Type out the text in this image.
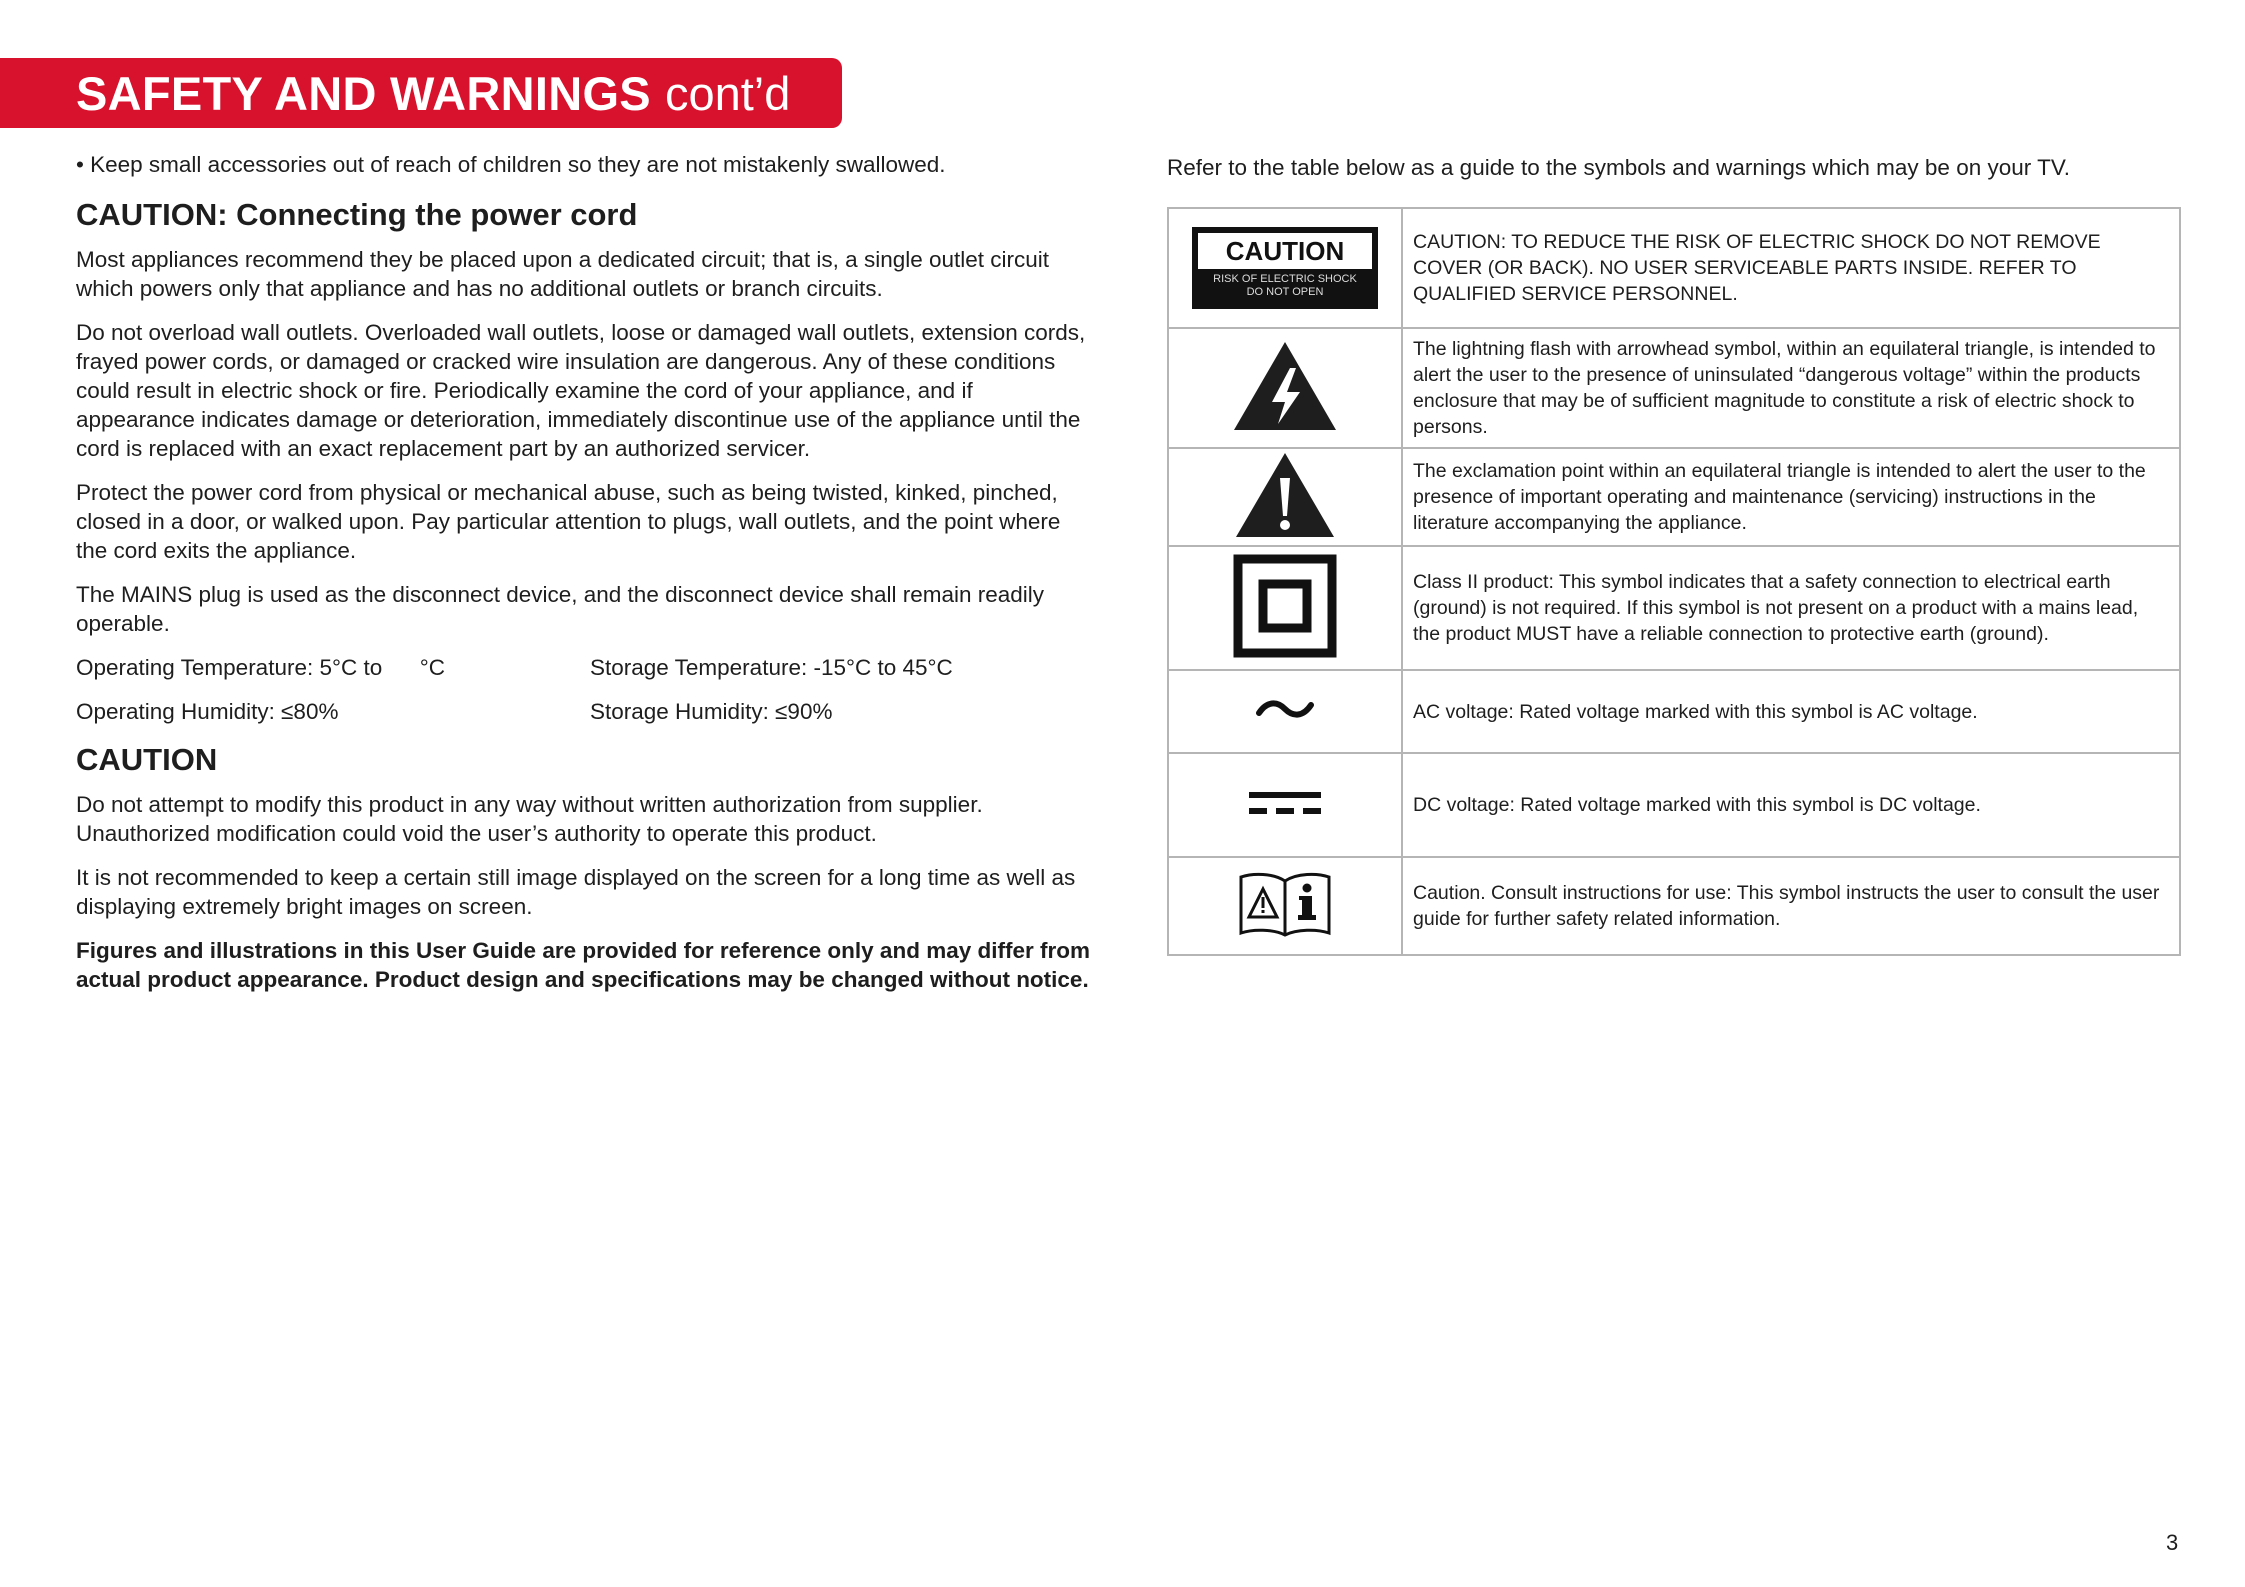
SAFETY AND WARNINGS cont’d
• Keep small accessories out of reach of children so they are not mistakenly swallowed.
CAUTION: Connecting the power cord

Most appliances recommend they be placed upon a dedicated circuit; that is, a single outlet circuit which powers only that appliance and has no additional outlets or branch circuits.

Do not overload wall outlets. Overloaded wall outlets, loose or damaged wall outlets, extension cords, frayed power cords, or damaged or cracked wire insulation are dangerous. Any of these conditions could result in electric shock or fire. Periodically examine the cord of your appliance, and if appearance indicates damage or deterioration, immediately discontinue use of the appliance until the cord is replaced with an exact replacement part by an authorized servicer.

Protect the power cord from physical or mechanical abuse, such as being twisted, kinked, pinched, closed in a door, or walked upon. Pay particular attention to plugs, wall outlets, and the point where the cord exits the appliance.

The MAINS plug is used as the disconnect device, and the disconnect device shall remain readily operable.

Operating Temperature: 5°C to      °C	Storage Temperature: -15°C to 45°C
Operating Humidity: ≤80%	Storage Humidity: ≤90%
CAUTION

Do not attempt to modify this product in any way without written authorization from supplier. Unauthorized modification could void the user’s authority to operate this product.

It is not recommended to keep a certain still image displayed on the screen for a long time as well as displaying extremely bright images on screen.

Figures and illustrations in this User Guide are provided for reference only and may differ from actual product appearance. Product design and specifications may be changed without notice.

Refer to the table below as a guide to the symbols and warnings which may be on your TV.
CAUTION
RISK OF ELECTRIC SHOCK
DO NOT OPEN	CAUTION: TO REDUCE THE RISK OF ELECTRIC SHOCK DO NOT REMOVE COVER (OR BACK). NO USER SERVICEABLE PARTS INSIDE. REFER TO QUALIFIED SERVICE PERSONNEL.
	The lightning flash with arrowhead symbol, within an equilateral triangle, is intended to alert the user to the presence of uninsulated “dangerous voltage” within the products enclosure that may be of sufficient magnitude to constitute a risk of electric shock to persons.
	The exclamation point within an equilateral triangle is intended to alert the user to the presence of important operating and maintenance (servicing) instructions in the literature accompanying the appliance.
	Class II product: This symbol indicates that a safety connection to electrical earth (ground) is not required. If this symbol is not present on a product with a mains lead, the product MUST have a reliable connection to protective earth (ground).
	AC voltage: Rated voltage marked with this symbol is AC voltage.
	DC voltage: Rated voltage marked with this symbol is DC voltage.
	Caution. Consult instructions for use: This symbol instructs the user to consult the user guide for further safety related information.
3
